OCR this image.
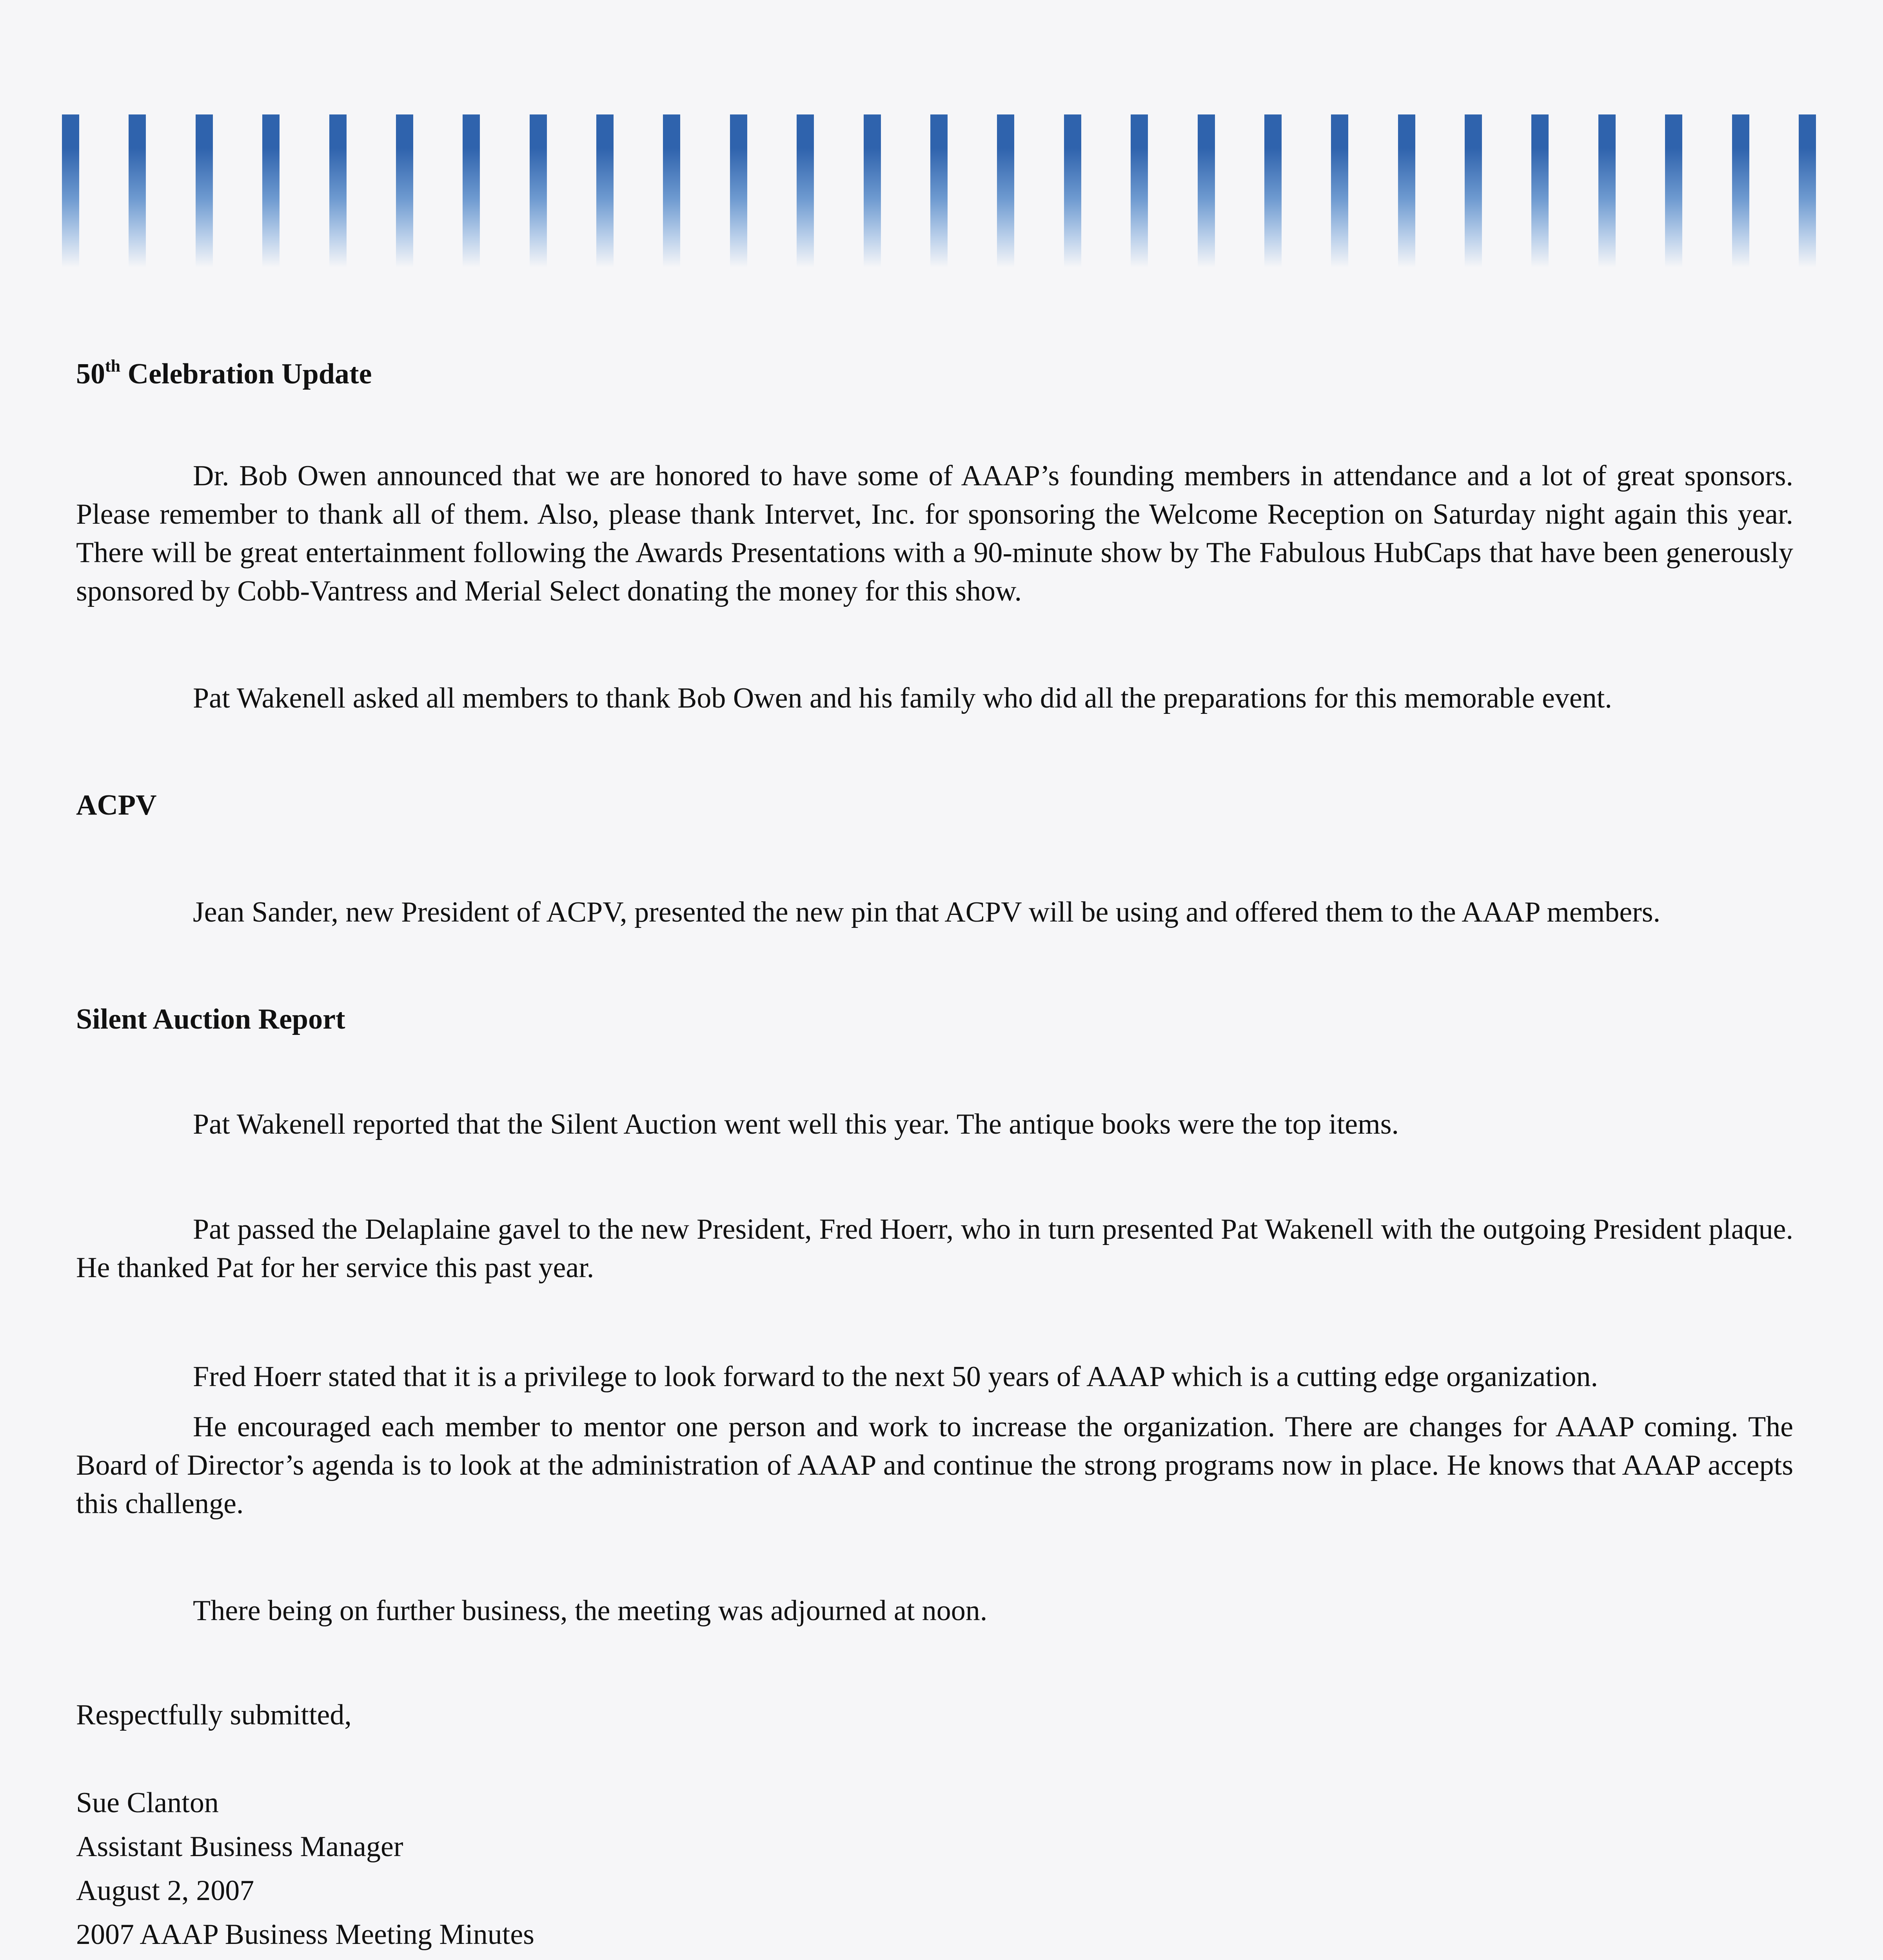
50th Celebration Update

Dr. Bob Owen announced that we are honored to have some of AAAP’s founding members in attendance and a lot of great sponsors. Please remember to thank all of them. Also, please thank Intervet, Inc. for sponsoring the Welcome Reception on Saturday night again this year. There will be great entertainment following the Awards Presentations with a 90-minute show by The Fabulous HubCaps that have been generously sponsored by Cobb-Vantress and Merial Select donating the money for this show.

Pat Wakenell asked all members to thank Bob Owen and his family who did all the preparations for this memorable event.

ACPV

Jean Sander, new President of ACPV, presented the new pin that ACPV will be using and offered them to the AAAP members.

Silent Auction Report

Pat Wakenell reported that the Silent Auction went well this year. The antique books were the top items.

Pat passed the Delaplaine gavel to the new President, Fred Hoerr, who in turn presented Pat Wakenell with the outgoing President plaque. He thanked Pat for her service this past year.

Fred Hoerr stated that it is a privilege to look forward to the next 50 years of AAAP which is a cutting edge organization.

He encouraged each member to mentor one person and work to increase the organization. There are changes for AAAP coming. The Board of Director’s agenda is to look at the administration of AAAP and continue the strong programs now in place. He knows that AAAP accepts this challenge.

There being on further business, the meeting was adjourned at noon.

Respectfully submitted,

Sue Clanton

Assistant Business Manager

August 2, 2007

2007 AAAP Business Meeting Minutes
